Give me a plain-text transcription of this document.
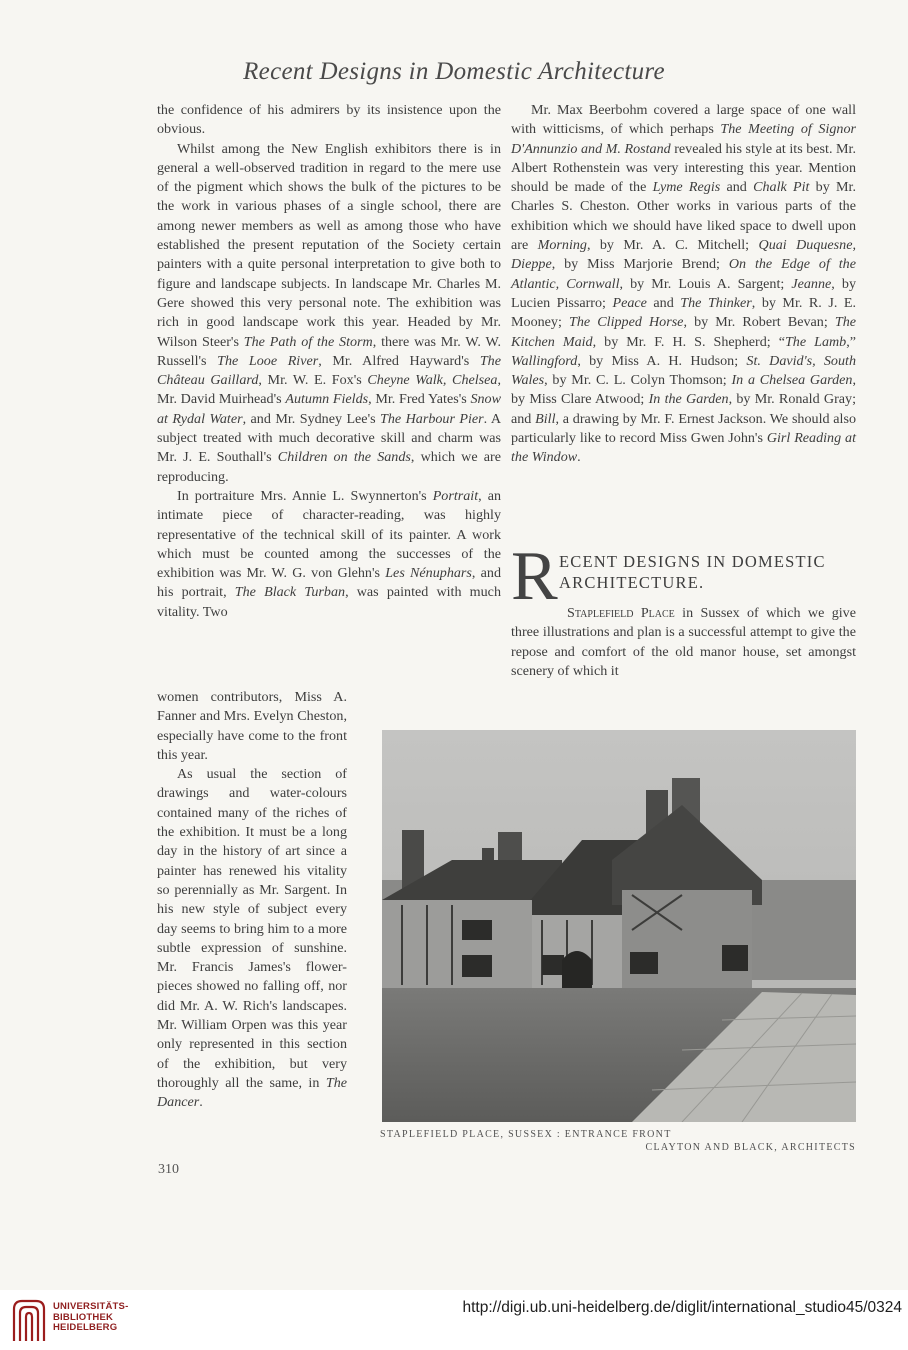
Recent Designs in Domestic Architecture

the confidence of his admirers by its insistence upon the obvious.

Whilst among the New English exhibitors there is in general a well-observed tradition in regard to the mere use of the pigment which shows the bulk of the pictures to be the work in various phases of a single school, there are among newer members as well as among those who have established the present reputation of the Society certain painters with a quite personal interpretation to give both to figure and landscape subjects. In landscape Mr. Charles M. Gere showed this very personal note. The exhibition was rich in good landscape work this year. Headed by Mr. Wilson Steer's The Path of the Storm, there was Mr. W. W. Russell's The Looe River, Mr. Alfred Hayward's The Château Gaillard, Mr. W. E. Fox's Cheyne Walk, Chelsea, Mr. David Muirhead's Autumn Fields, Mr. Fred Yates's Snow at Rydal Water, and Mr. Sydney Lee's The Harbour Pier. A subject treated with much decorative skill and charm was Mr. J. E. Southall's Children on the Sands, which we are reproducing.

In portraiture Mrs. Annie L. Swynnerton's Portrait, an intimate piece of character-reading, was highly representative of the technical skill of its painter. A work which must be counted among the successes of the exhibition was Mr. W. G. von Glehn's Les Nénuphars, and his portrait, The Black Turban, was painted with much vitality. Two

women contributors, Miss A. Fanner and Mrs. Evelyn Cheston, especially have come to the front this year.

As usual the section of drawings and water-colours contained many of the riches of the exhibition. It must be a long day in the history of art since a painter has renewed his vitality so perennially as Mr. Sargent. In his new style of subject every day seems to bring him to a more subtle expression of sunshine. Mr. Francis James's flower-pieces showed no falling off, nor did Mr. A. W. Rich's landscapes. Mr. William Orpen was this year only represented in this section of the exhibition, but very thoroughly all the same, in The Dancer.

Mr. Max Beerbohm covered a large space of one wall with witticisms, of which perhaps The Meeting of Signor D'Annunzio and M. Rostand revealed his style at its best. Mr. Albert Rothenstein was very interesting this year. Mention should be made of the Lyme Regis and Chalk Pit by Mr. Charles S. Cheston. Other works in various parts of the exhibition which we should have liked space to dwell upon are Morning, by Mr. A. C. Mitchell; Quai Duquesne, Dieppe, by Miss Marjorie Brend; On the Edge of the Atlantic, Cornwall, by Mr. Louis A. Sargent; Jeanne, by Lucien Pissarro; Peace and The Thinker, by Mr. R. J. E. Mooney; The Clipped Horse, by Mr. Robert Bevan; The Kitchen Maid, by Mr. F. H. S. Shepherd; “The Lamb,” Wallingford, by Miss A. H. Hudson; St. David's, South Wales, by Mr. C. L. Colyn Thomson; In a Chelsea Garden, by Miss Clare Atwood; In the Garden, by Mr. Ronald Gray; and Bill, a drawing by Mr. F. Ernest Jackson. We should also particularly like to record Miss Gwen John's Girl Reading at the Window.

R ECENT DESIGNS IN DOMESTIC ARCHITECTURE.

Staplefield Place in Sussex of which we give three illustrations and plan is a successful attempt to give the repose and comfort of the old manor house, set amongst scenery of which it

STAPLEFIELD PLACE, SUSSEX : ENTRANCE FRONT
CLAYTON AND BLACK, ARCHITECTS
310
UNIVERSITÄTS-
BIBLIOTHEK
HEIDELBERG
http://digi.ub.uni-heidelberg.de/diglit/international_studio45/0324
